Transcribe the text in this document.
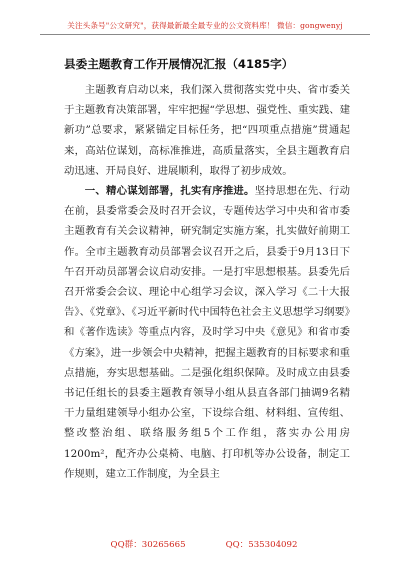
关注头条号"公文研究"，获得最新最全最专业的公文资料库！ 微信：gongwenyj
县委主题教育工作开展情况汇报（4185字）

主题教育启动以来，我们深入贯彻落实党中央、省市委关于主题教育决策部署，牢牢把握“学思想、强党性、重实践、建新功”总要求，紧紧锚定目标任务，把“四项重点措施”贯通起来，高站位谋划，高标准推进，高质量落实，全县主题教育启动迅速、开局良好、进展顺利，取得了初步成效。

一、精心谋划部署，扎实有序推进。坚持思想在先、行动在前，县委常委会及时召开会议，专题传达学习中央和省市委主题教育有关会议精神，研究制定实施方案，扎实做好前期工作。全市主题教育动员部署会议召开之后，县委于9月13日下午召开动员部署会议启动安排。一是打牢思想根基。县委先后召开常委会会议、理论中心组学习会议，深入学习《二十大报告》、《党章》、《习近平新时代中国特色社会主义思想学习纲要》和《著作选读》等重点内容，及时学习中央《意见》和省市委《方案》，进一步领会中央精神，把握主题教育的目标要求和重点措施，夯实思想基础。二是强化组织保障。及时成立由县委书记任组长的县委主题教育领导小组从县直各部门抽调9名精干力量组建领导小组办公室，下设综合组、材料组、宣传组、整改整治组、联络服务组5个工作组，落实办公用房1200m²，配齐办公桌椅、电脑、打印机等办公设备，制定工作规则，建立工作制度，为全县主

QQ群：30265665	QQ：535304092
